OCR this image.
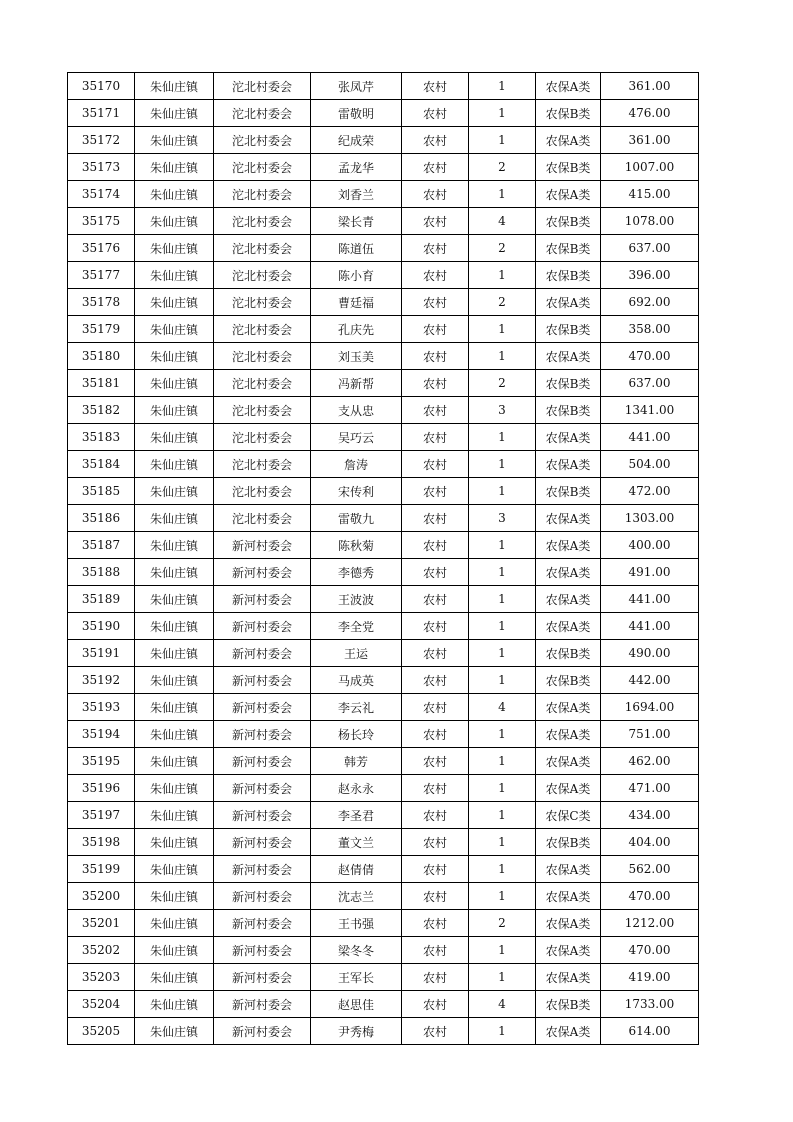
35170	朱仙庄镇	沱北村委会	张凤芹	农村	1	农保A类	361.00
35171	朱仙庄镇	沱北村委会	雷敬明	农村	1	农保B类	476.00
35172	朱仙庄镇	沱北村委会	纪成荣	农村	1	农保A类	361.00
35173	朱仙庄镇	沱北村委会	孟龙华	农村	2	农保B类	1007.00
35174	朱仙庄镇	沱北村委会	刘香兰	农村	1	农保A类	415.00
35175	朱仙庄镇	沱北村委会	梁长青	农村	4	农保B类	1078.00
35176	朱仙庄镇	沱北村委会	陈道伍	农村	2	农保B类	637.00
35177	朱仙庄镇	沱北村委会	陈小育	农村	1	农保B类	396.00
35178	朱仙庄镇	沱北村委会	曹廷福	农村	2	农保A类	692.00
35179	朱仙庄镇	沱北村委会	孔庆先	农村	1	农保B类	358.00
35180	朱仙庄镇	沱北村委会	刘玉美	农村	1	农保A类	470.00
35181	朱仙庄镇	沱北村委会	冯新帮	农村	2	农保B类	637.00
35182	朱仙庄镇	沱北村委会	支从忠	农村	3	农保B类	1341.00
35183	朱仙庄镇	沱北村委会	吴巧云	农村	1	农保A类	441.00
35184	朱仙庄镇	沱北村委会	詹涛	农村	1	农保A类	504.00
35185	朱仙庄镇	沱北村委会	宋传利	农村	1	农保B类	472.00
35186	朱仙庄镇	沱北村委会	雷敬九	农村	3	农保A类	1303.00
35187	朱仙庄镇	新河村委会	陈秋菊	农村	1	农保A类	400.00
35188	朱仙庄镇	新河村委会	李德秀	农村	1	农保A类	491.00
35189	朱仙庄镇	新河村委会	王波波	农村	1	农保A类	441.00
35190	朱仙庄镇	新河村委会	李全党	农村	1	农保A类	441.00
35191	朱仙庄镇	新河村委会	王运	农村	1	农保B类	490.00
35192	朱仙庄镇	新河村委会	马成英	农村	1	农保B类	442.00
35193	朱仙庄镇	新河村委会	李云礼	农村	4	农保A类	1694.00
35194	朱仙庄镇	新河村委会	杨长玲	农村	1	农保A类	751.00
35195	朱仙庄镇	新河村委会	韩芳	农村	1	农保A类	462.00
35196	朱仙庄镇	新河村委会	赵永永	农村	1	农保A类	471.00
35197	朱仙庄镇	新河村委会	李圣君	农村	1	农保C类	434.00
35198	朱仙庄镇	新河村委会	董文兰	农村	1	农保B类	404.00
35199	朱仙庄镇	新河村委会	赵倩倩	农村	1	农保A类	562.00
35200	朱仙庄镇	新河村委会	沈志兰	农村	1	农保A类	470.00
35201	朱仙庄镇	新河村委会	王书强	农村	2	农保A类	1212.00
35202	朱仙庄镇	新河村委会	梁冬冬	农村	1	农保A类	470.00
35203	朱仙庄镇	新河村委会	王军长	农村	1	农保A类	419.00
35204	朱仙庄镇	新河村委会	赵思佳	农村	4	农保B类	1733.00
35205	朱仙庄镇	新河村委会	尹秀梅	农村	1	农保A类	614.00
